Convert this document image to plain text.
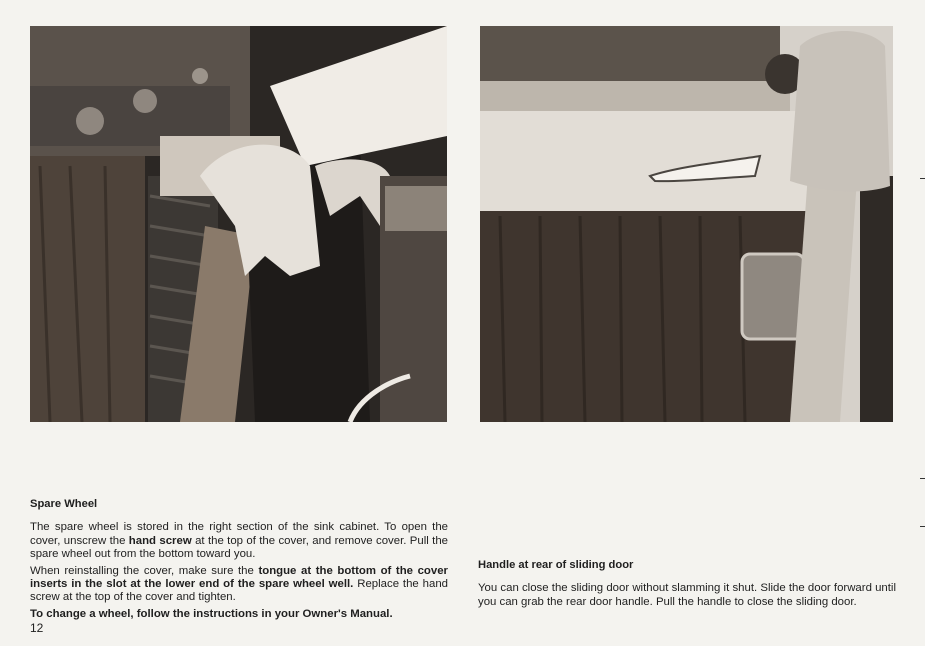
Spare Wheel

The spare wheel is stored in the right section of the sink cabinet. To open the cover, unscrew the hand screw at the top of the cover, and remove cover. Pull the spare wheel out from the bottom toward you.

When reinstalling the cover, make sure the tongue at the bottom of the cover inserts in the slot at the lower end of the spare wheel well. Replace the hand screw at the top of the cover and tighten.

To change a wheel, follow the instructions in your Owner's Manual.

Handle at rear of sliding door

You can close the sliding door without slamming it shut. Slide the door forward until you can grab the rear door handle. Pull the handle to close the sliding door.

12
